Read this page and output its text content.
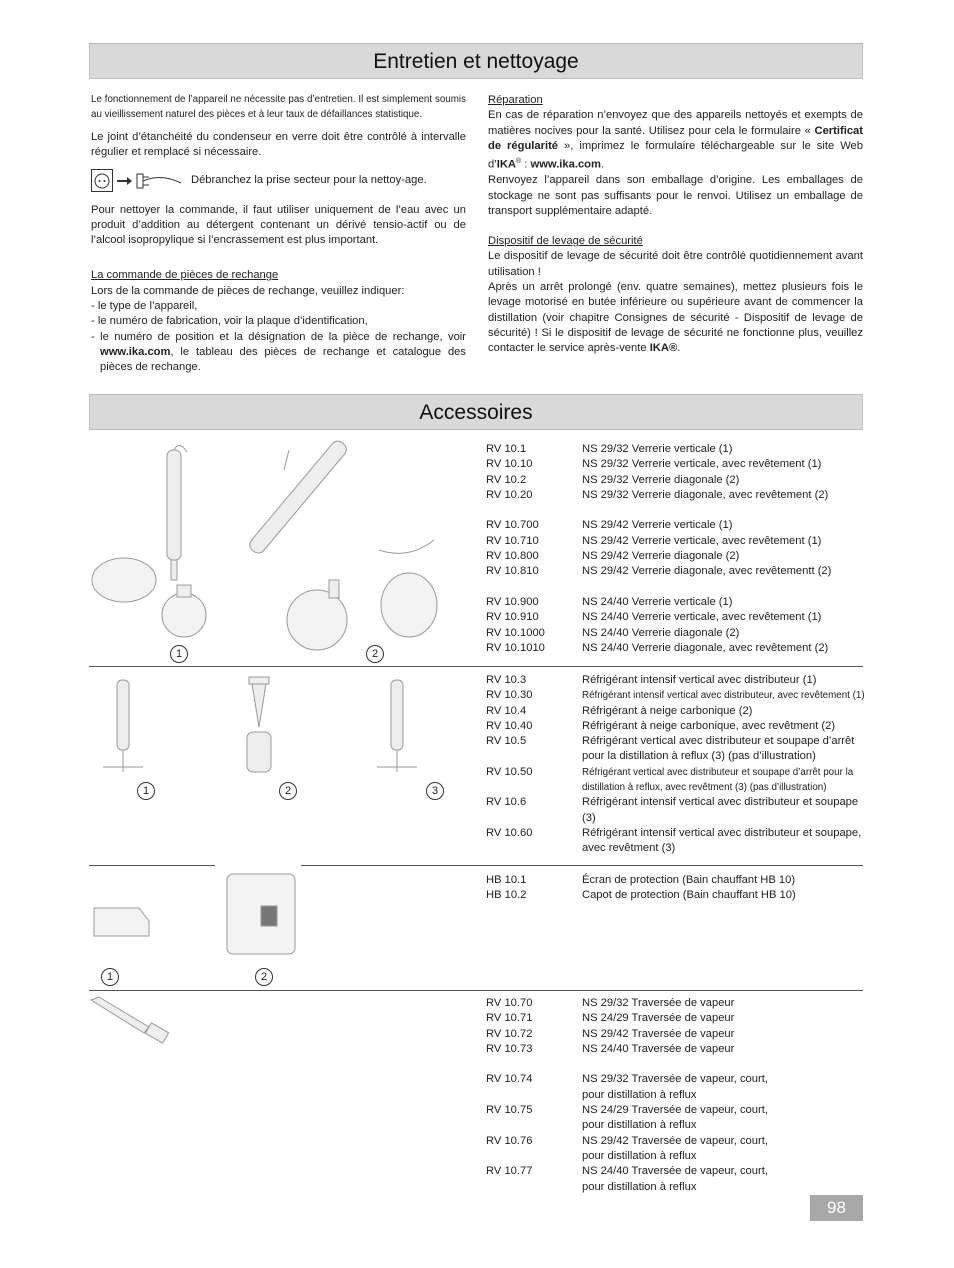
Entretien et nettoyage

Le fonctionnement de l’appareil ne nécessite pas d’entretien. Il est simplement soumis au vieillissement naturel des pièces et à leur taux de défaillances statistique.

Le joint d’étanchéité du condenseur en verre doit être contrôlé à intervalle régulier et remplacé si nécessaire.

Débranchez la prise secteur pour la nettoy-age.

Pour nettoyer la commande, il faut utiliser uniquement de l’eau avec un produit d’addition au détergent contenant un dérivé tensio-actif ou de l’alcool isopropylique si l’encrassement est plus important.

La commande de pièces de rechange
Lors de la commande de pièces de rechange, veuillez indiquer:
- le type de l’appareil,
- le numéro de fabrication, voir la plaque d’identification,
- le numéro de position et la désignation de la pièce de rechange, voir www.ika.com, le tableau des pièces de rechange et catalogue des pièces de rechange.
Réparation
En cas de réparation n’envoyez que des appareils nettoyés et exempts de matières nocives pour la santé. Utilisez pour cela le formulaire « Certificat de régularité », imprimez le formulaire téléchargeable sur le site Web d’IKA® : www.ika.com.
Renvoyez l’appareil dans son emballage d’origine. Les emballages de stockage ne sont pas suffisants pour le renvoi. Utilisez un emballage de transport supplémentaire adapté.
Dispositif de levage de sécurité
Le dispositif de levage de sécurité doit être contrôlé quotidiennement avant utilisation !
Après un arrêt prolongé (env. quatre semaines), mettez plusieurs fois le levage motorisé en butée inférieure ou supérieure avant de commencer la distillation (voir chapitre Consignes de sécurité - Dispositif de levage de sécurité) ! Si le dispositif de levage de sécurité ne fonctionne plus, veuillez contacter le service après-vente IKA®.
Accessoires
1	2
RV 10.1	NS 29/32 Verrerie verticale (1)
RV 10.10	NS 29/32 Verrerie verticale, avec revêtement (1)
RV 10.2	NS 29/32 Verrerie diagonale (2)
RV 10.20	NS 29/32 Verrerie diagonale, avec revêtement (2)
RV 10.700	NS 29/42 Verrerie verticale (1)
RV 10.710	NS 29/42 Verrerie verticale, avec revêtement (1)
RV 10.800	NS 29/42 Verrerie diagonale (2)
RV 10.810	NS 29/42 Verrerie diagonale, avec revêtementt (2)
RV 10.900	NS 24/40 Verrerie verticale (1)
RV 10.910	NS 24/40 Verrerie verticale, avec revêtement (1)
RV 10.1000	NS 24/40 Verrerie diagonale (2)
RV 10.1010	NS 24/40 Verrerie diagonale, avec revêtement (2)
1	2	3
RV 10.3	Réfrigérant intensif vertical avec distributeur (1)
RV 10.30	Réfrigérant intensif vertical avec distributeur, avec revêtement (1)
RV 10.4	Réfrigérant à neige carbonique (2)
RV 10.40	Réfrigérant à neige carbonique, avec revêtment (2)
RV 10.5	Réfrigérant vertical avec distributeur et soupape d’arrêt pour la distillation à reflux (3) (pas d’illustration)
RV 10.50	Réfrigérant vertical avec distributeur et soupape d’arrêt pour la distillation à reflux, avec revêtment (3) (pas d’illustration)
RV 10.6	Réfrigérant intensif vertical avec distributeur et soupape (3)
RV 10.60	Réfrigérant intensif vertical avec distributeur et soupape, avec revêtment (3)
1	2
HB 10.1	Écran de protection (Bain chauffant HB 10)
HB 10.2	Capot de protection (Bain chauffant HB 10)
RV 10.70	NS 29/32 Traversée de vapeur
RV 10.71	NS 24/29 Traversée de vapeur
RV 10.72	NS 29/42 Traversée de vapeur
RV 10.73	NS 24/40 Traversée de vapeur
RV 10.74	NS 29/32 Traversée de vapeur, court, pour distillation à reflux
RV 10.75	NS 24/29 Traversée de vapeur, court, pour distillation à reflux
RV 10.76	NS 29/42 Traversée de vapeur, court, pour distillation à reflux
RV 10.77	NS 24/40 Traversée de vapeur, court, pour distillation à reflux
98
